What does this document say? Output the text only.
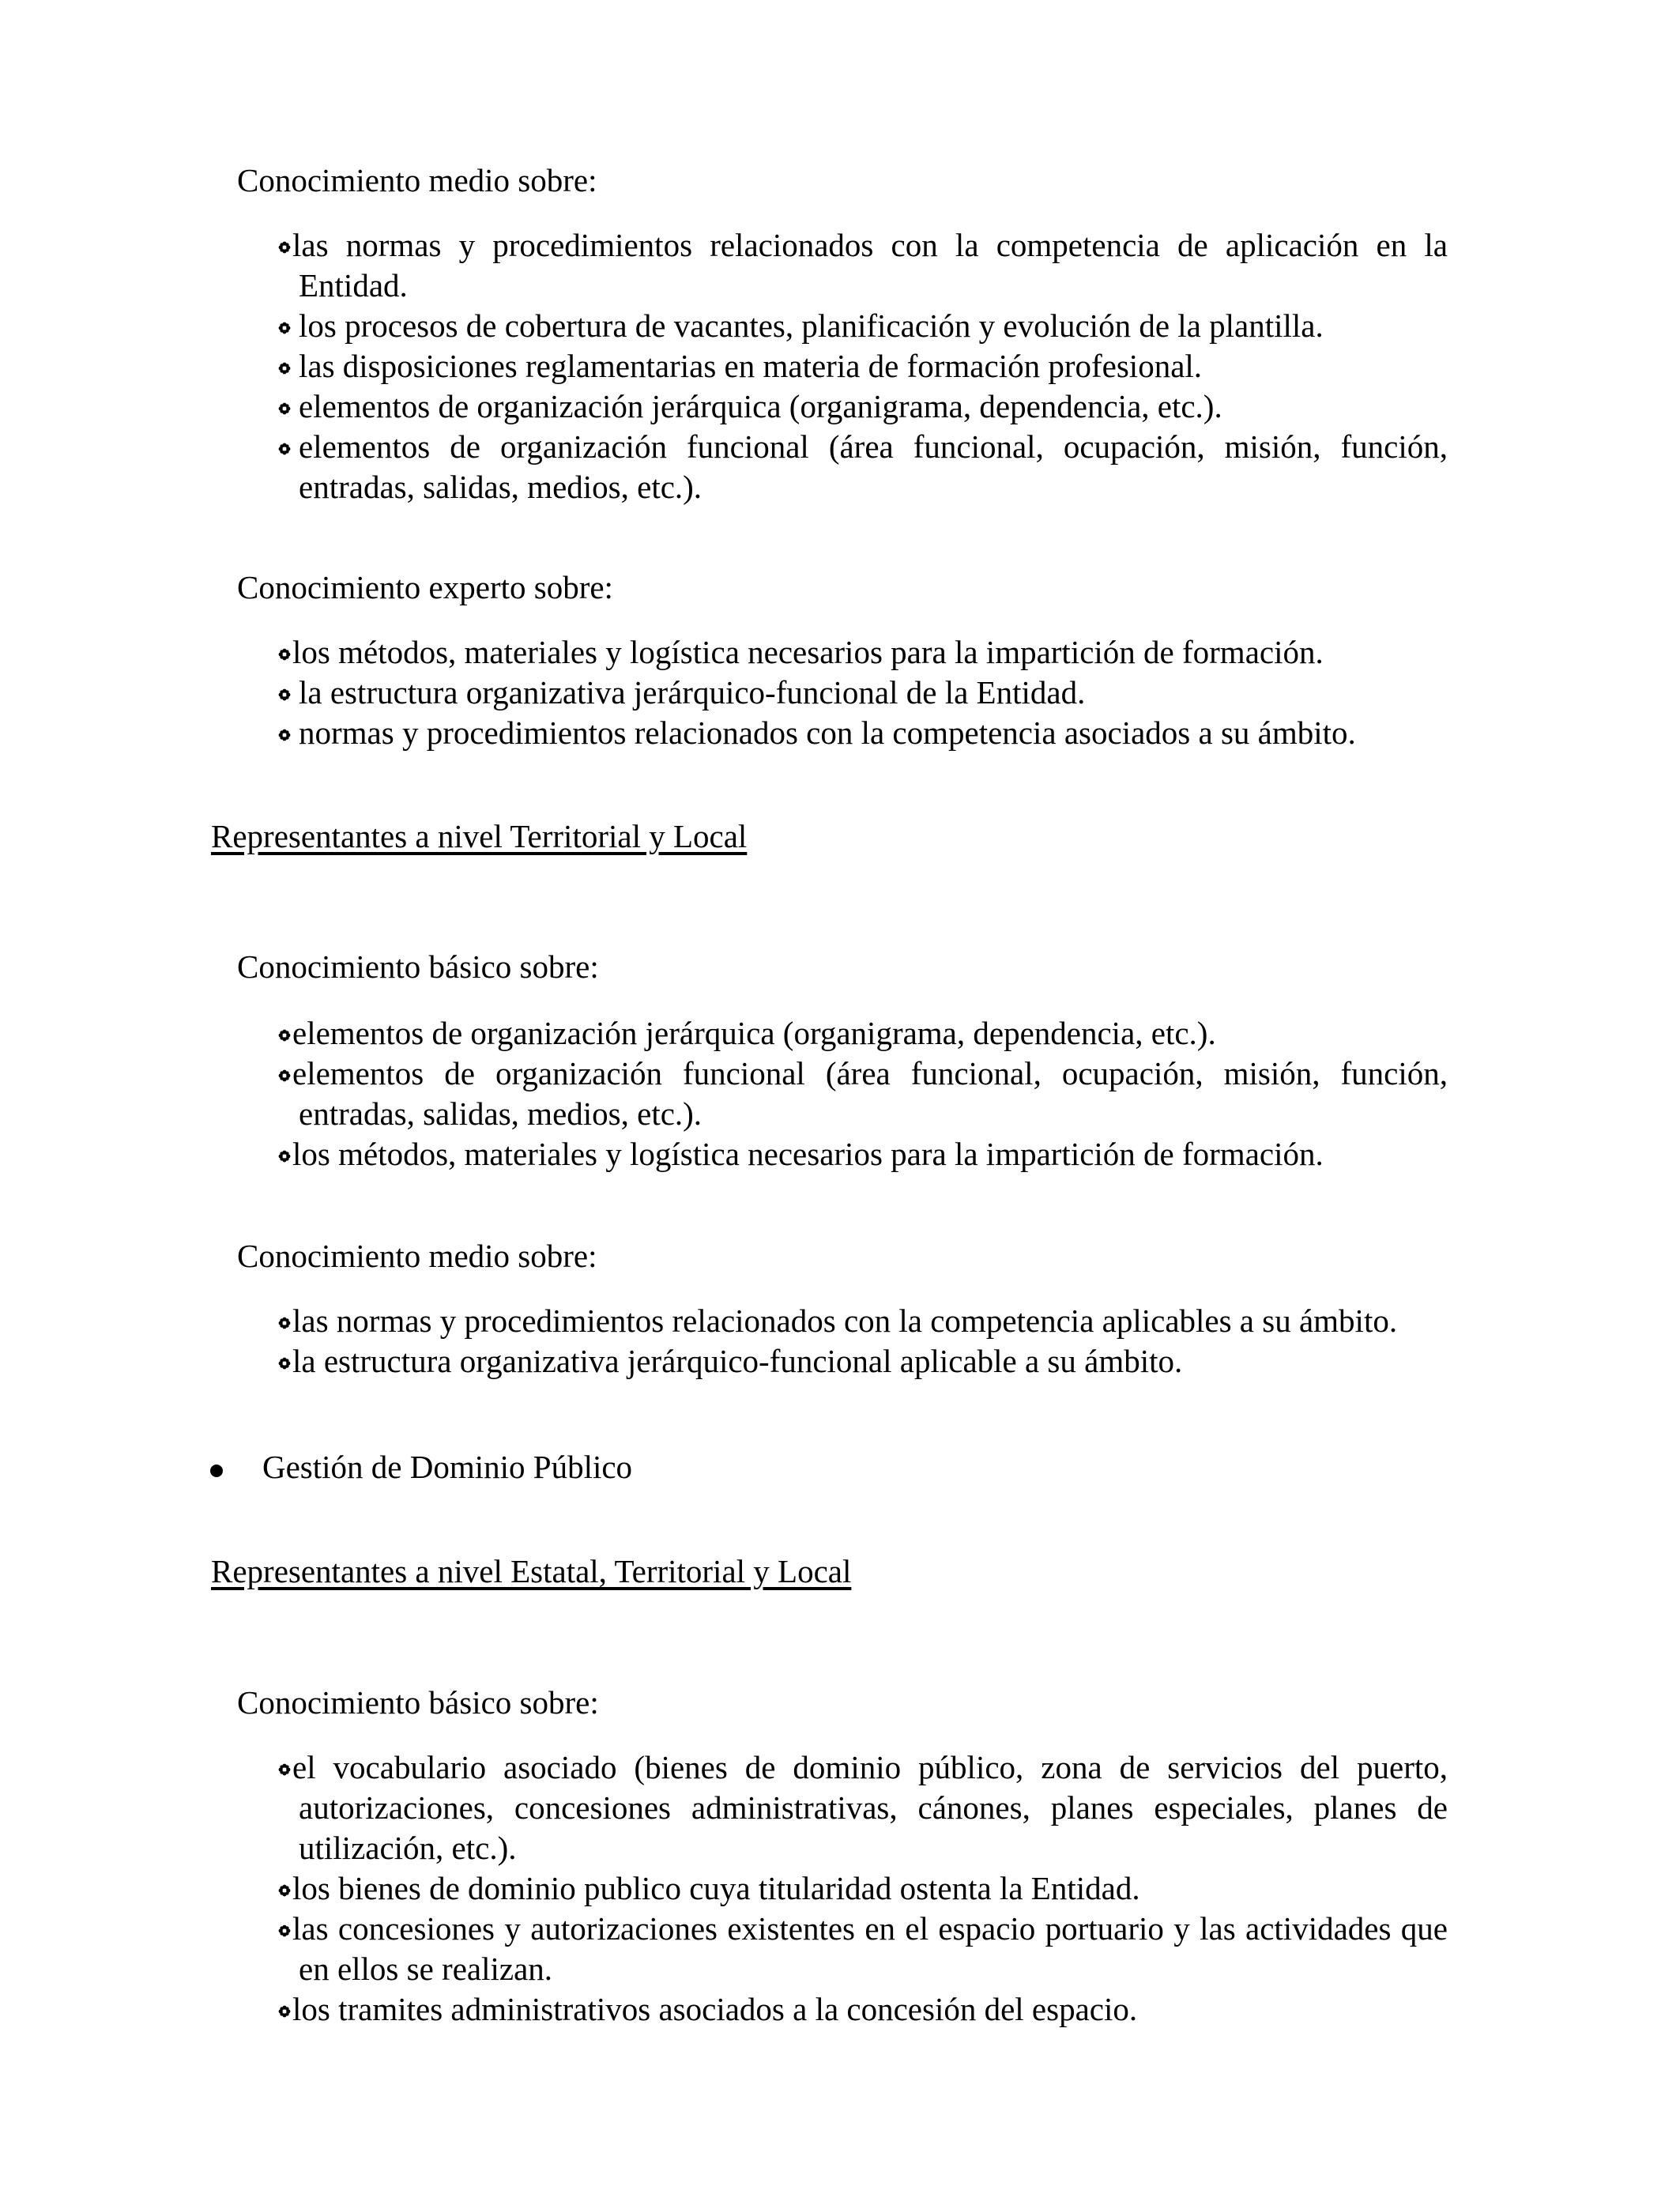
Conocimiento medio sobre:
las normas y procedimientos relacionados con la competencia de aplicación en la Entidad.
los procesos de cobertura de vacantes, planificación y evolución de la plantilla.
las disposiciones reglamentarias en materia de formación profesional.
elementos de organización jerárquica (organigrama, dependencia, etc.).
elementos de organización funcional (área funcional, ocupación, misión, función, entradas, salidas, medios, etc.).
Conocimiento experto sobre:
los métodos, materiales y logística necesarios para la impartición de formación.
la estructura organizativa jerárquico-funcional de la Entidad.
normas y procedimientos relacionados con la competencia asociados a su ámbito.
Representantes a nivel Territorial y Local
Conocimiento básico sobre:
elementos de organización jerárquica (organigrama, dependencia, etc.).
elementos de organización funcional (área funcional, ocupación, misión, función, entradas, salidas, medios, etc.).
los métodos, materiales y logística necesarios para la impartición de formación.
Conocimiento medio sobre:
las normas y procedimientos relacionados con la competencia aplicables a su ámbito.
la estructura organizativa jerárquico-funcional aplicable a su ámbito.
Gestión de Dominio Público
Representantes a nivel Estatal, Territorial y Local
Conocimiento básico sobre:
el vocabulario asociado (bienes de dominio público, zona de servicios del puerto, autorizaciones, concesiones administrativas, cánones, planes especiales, planes de utilización, etc.).
los bienes de dominio publico cuya titularidad ostenta la Entidad.
las concesiones y autorizaciones existentes en el espacio portuario y las actividades que en ellos se realizan.
los tramites administrativos asociados a la concesión del espacio.
